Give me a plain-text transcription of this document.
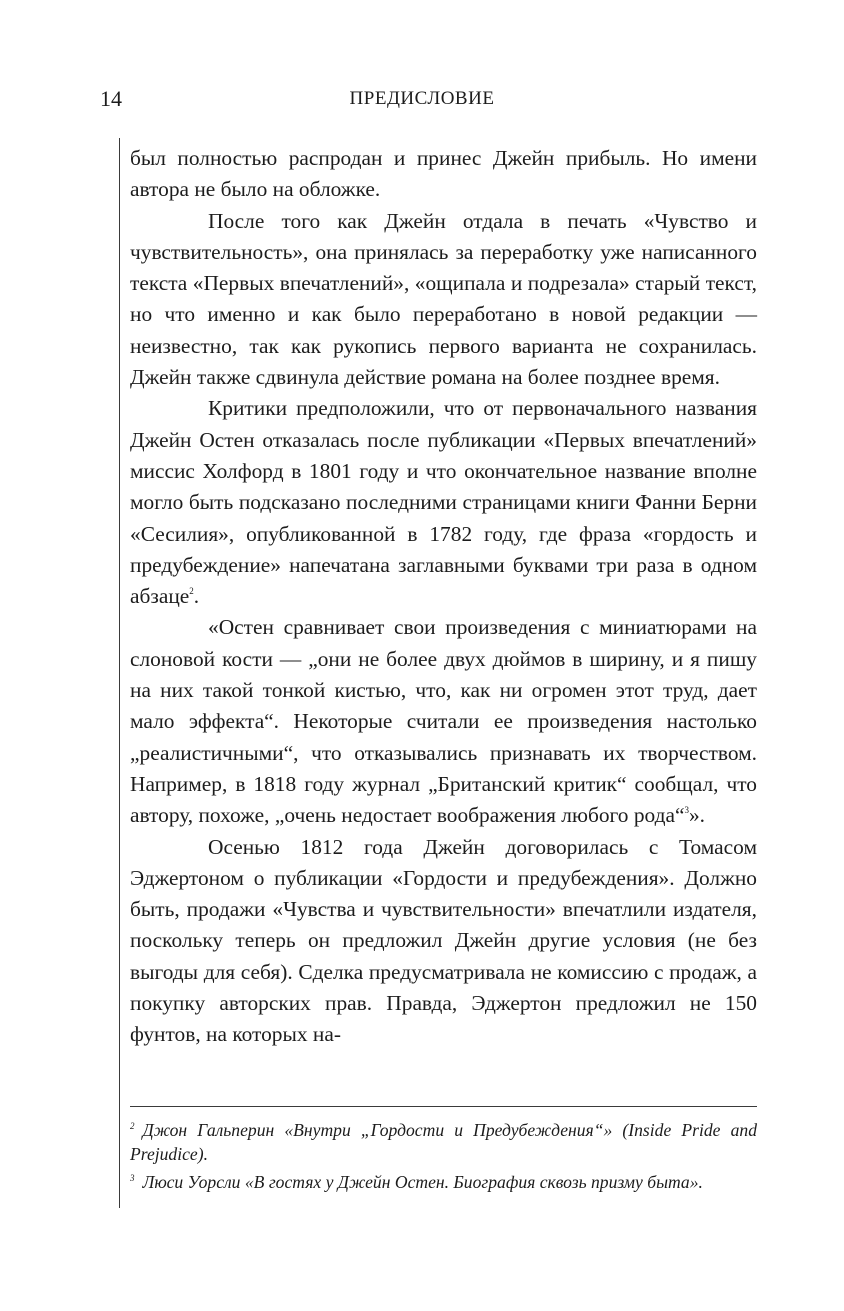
14	ПРЕДИСЛОВИЕ

был полностью распродан и принес Джейн прибыль. Но имени автора не было на обложке.

После того как Джейн отдала в печать «Чувство и чувствительность», она принялась за переработку уже написанного текста «Первых впечатлений», «ощипала и подрезала» старый текст, но что именно и как было переработано в новой редакции — неизвестно, так как рукопись первого варианта не сохранилась. Джейн также сдвинула действие романа на более позднее время.

Критики предположили, что от первоначального названия Джейн Остен отказалась после публикации «Первых впечатлений» миссис Холфорд в 1801 году и что окончательное название вполне могло быть подсказано последними страницами книги Фанни Берни «Сесилия», опубликованной в 1782 году, где фраза «гордость и предубеждение» напечатана заглавными буквами три раза в одном абзаце$^2$.

«Остен сравнивает свои произведения с миниатюрами на слоновой кости — „они не более двух дюймов в ширину, и я пишу на них такой тонкой кистью, что, как ни огромен этот труд, дает мало эффекта“. Некоторые считали ее произведения настолько „реалистичными“, что отказывались признавать их творчеством. Например, в 1818 году журнал „Британский критик“ сообщал, что автору, похоже, „очень недостает воображения любого рода“$^3$».

Осенью 1812 года Джейн договорилась с Томасом Эджертоном о публикации «Гордости и предубеждения». Должно быть, продажи «Чувства и чувствительности» впечатлили издателя, поскольку теперь он предложил Джейн другие условия (не без выгоды для себя). Сделка предусматривала не комиссию с продаж, а покупку авторских прав. Правда, Эджертон предложил не 150 фунтов, на которых на-

$^2$ Джон Гальперин «Внутри „Гордости и Предубеждения“» (Inside Pride and Prejudice).

$^3$ Люси Уорсли «В гостях у Джейн Остен. Биография сквозь призму быта».
